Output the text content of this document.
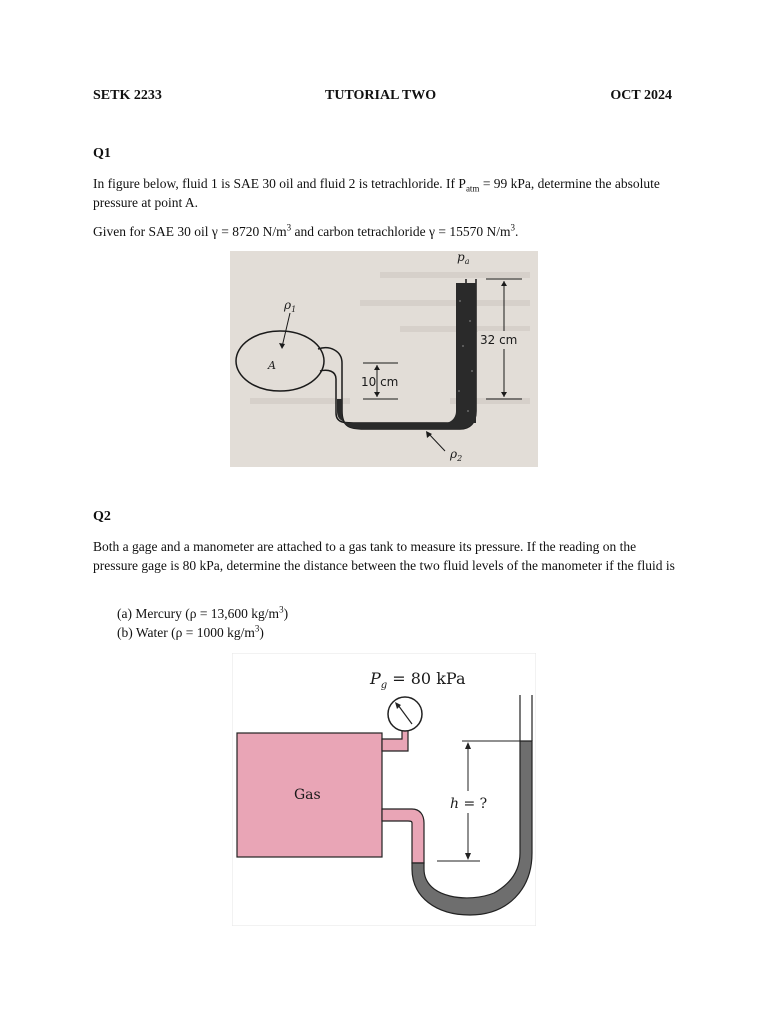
SETK 2233	TUTORIAL TWO	OCT 2024
Q1

In figure below, fluid 1 is SAE 30 oil and fluid 2 is tetrachloride. If $P_{atm} = 99$ kPa, determine the absolute pressure at point A.

Given for SAE 30 oil γ = 8720 $N/m^3$ and carbon tetrachloride γ = 15570 $N/m^3$.

10 cm
32 cm
$p_a$
$\rho_1$
A
$\rho_2$
Q2
Both a gage and a manometer are attached to a gas tank to measure its pressure. If the reading on the pressure gage is 80 kPa, determine the distance between the two fluid levels of the manometer if the fluid is
(a) Mercury (ρ = 13,600 $kg/m^3$)
(b) Water (ρ = 1000 $kg/m^3$)
Gas
$P_g = 80$ kPa
h = ?
